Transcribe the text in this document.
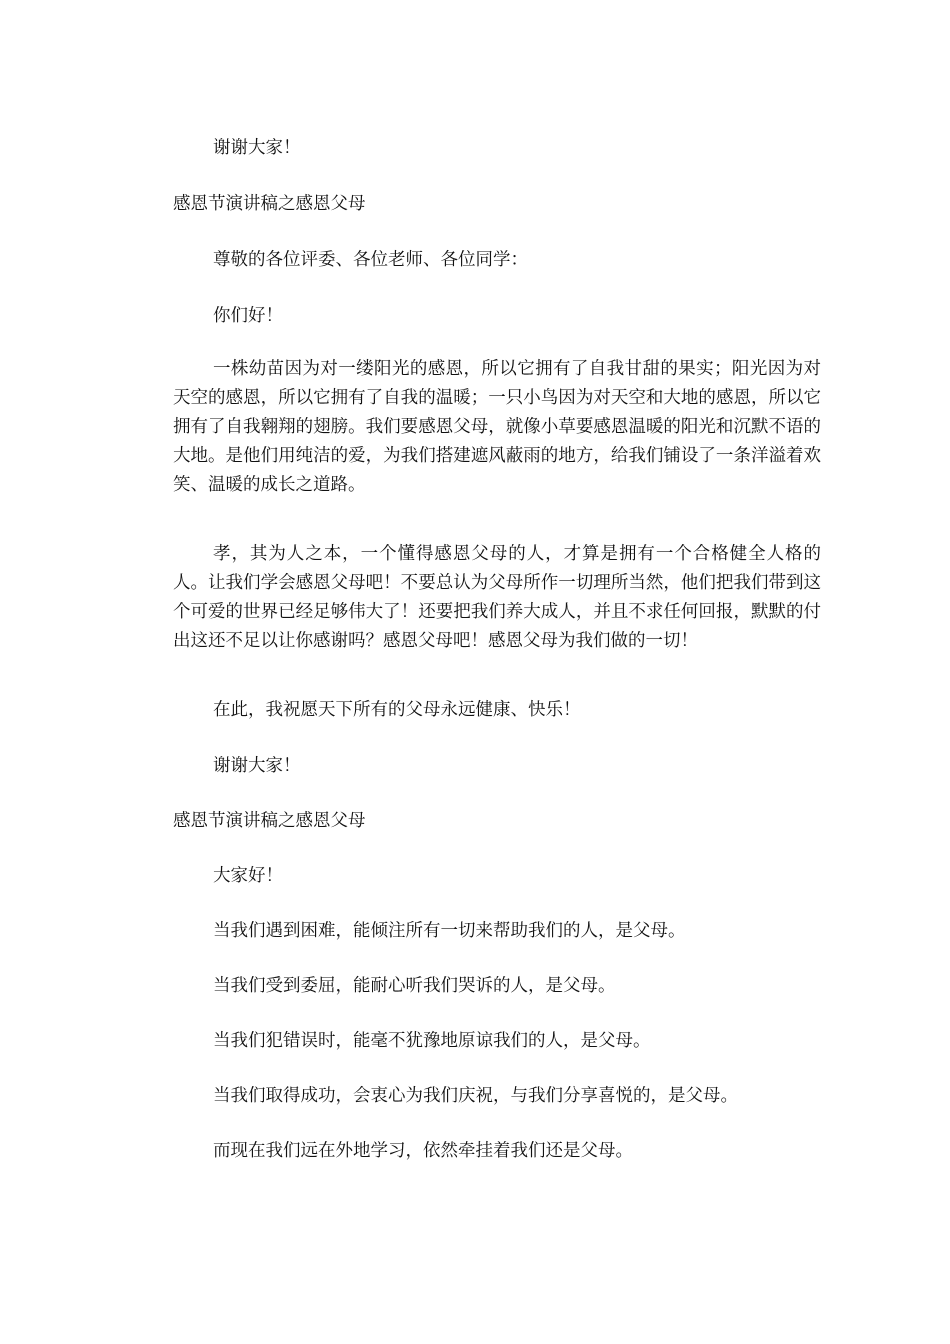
谢谢大家！

感恩节演讲稿之感恩父母

尊敬的各位评委、各位老师、各位同学：

你们好！

一株幼苗因为对一缕阳光的感恩，所以它拥有了自我甘甜的果实；阳光因为对天空的感恩，所以它拥有了自我的温暖；一只小鸟因为对天空和大地的感恩，所以它拥有了自我翱翔的翅膀。我们要感恩父母，就像小草要感恩温暖的阳光和沉默不语的大地。是他们用纯洁的爱，为我们搭建遮风蔽雨的地方，给我们铺设了一条洋溢着欢笑、温暖的成长之道路。

孝，其为人之本，一个懂得感恩父母的人，才算是拥有一个合格健全人格的人。让我们学会感恩父母吧！不要总认为父母所作一切理所当然，他们把我们带到这个可爱的世界已经足够伟大了！还要把我们养大成人，并且不求任何回报，默默的付出这还不足以让你感谢吗？感恩父母吧！感恩父母为我们做的一切！

在此，我祝愿天下所有的父母永远健康、快乐！

谢谢大家！

感恩节演讲稿之感恩父母

大家好！

当我们遇到困难，能倾注所有一切来帮助我们的人，是父母。

当我们受到委屈，能耐心听我们哭诉的人，是父母。

当我们犯错误时，能毫不犹豫地原谅我们的人，是父母。

当我们取得成功，会衷心为我们庆祝，与我们分享喜悦的，是父母。

而现在我们远在外地学习，依然牵挂着我们还是父母。
